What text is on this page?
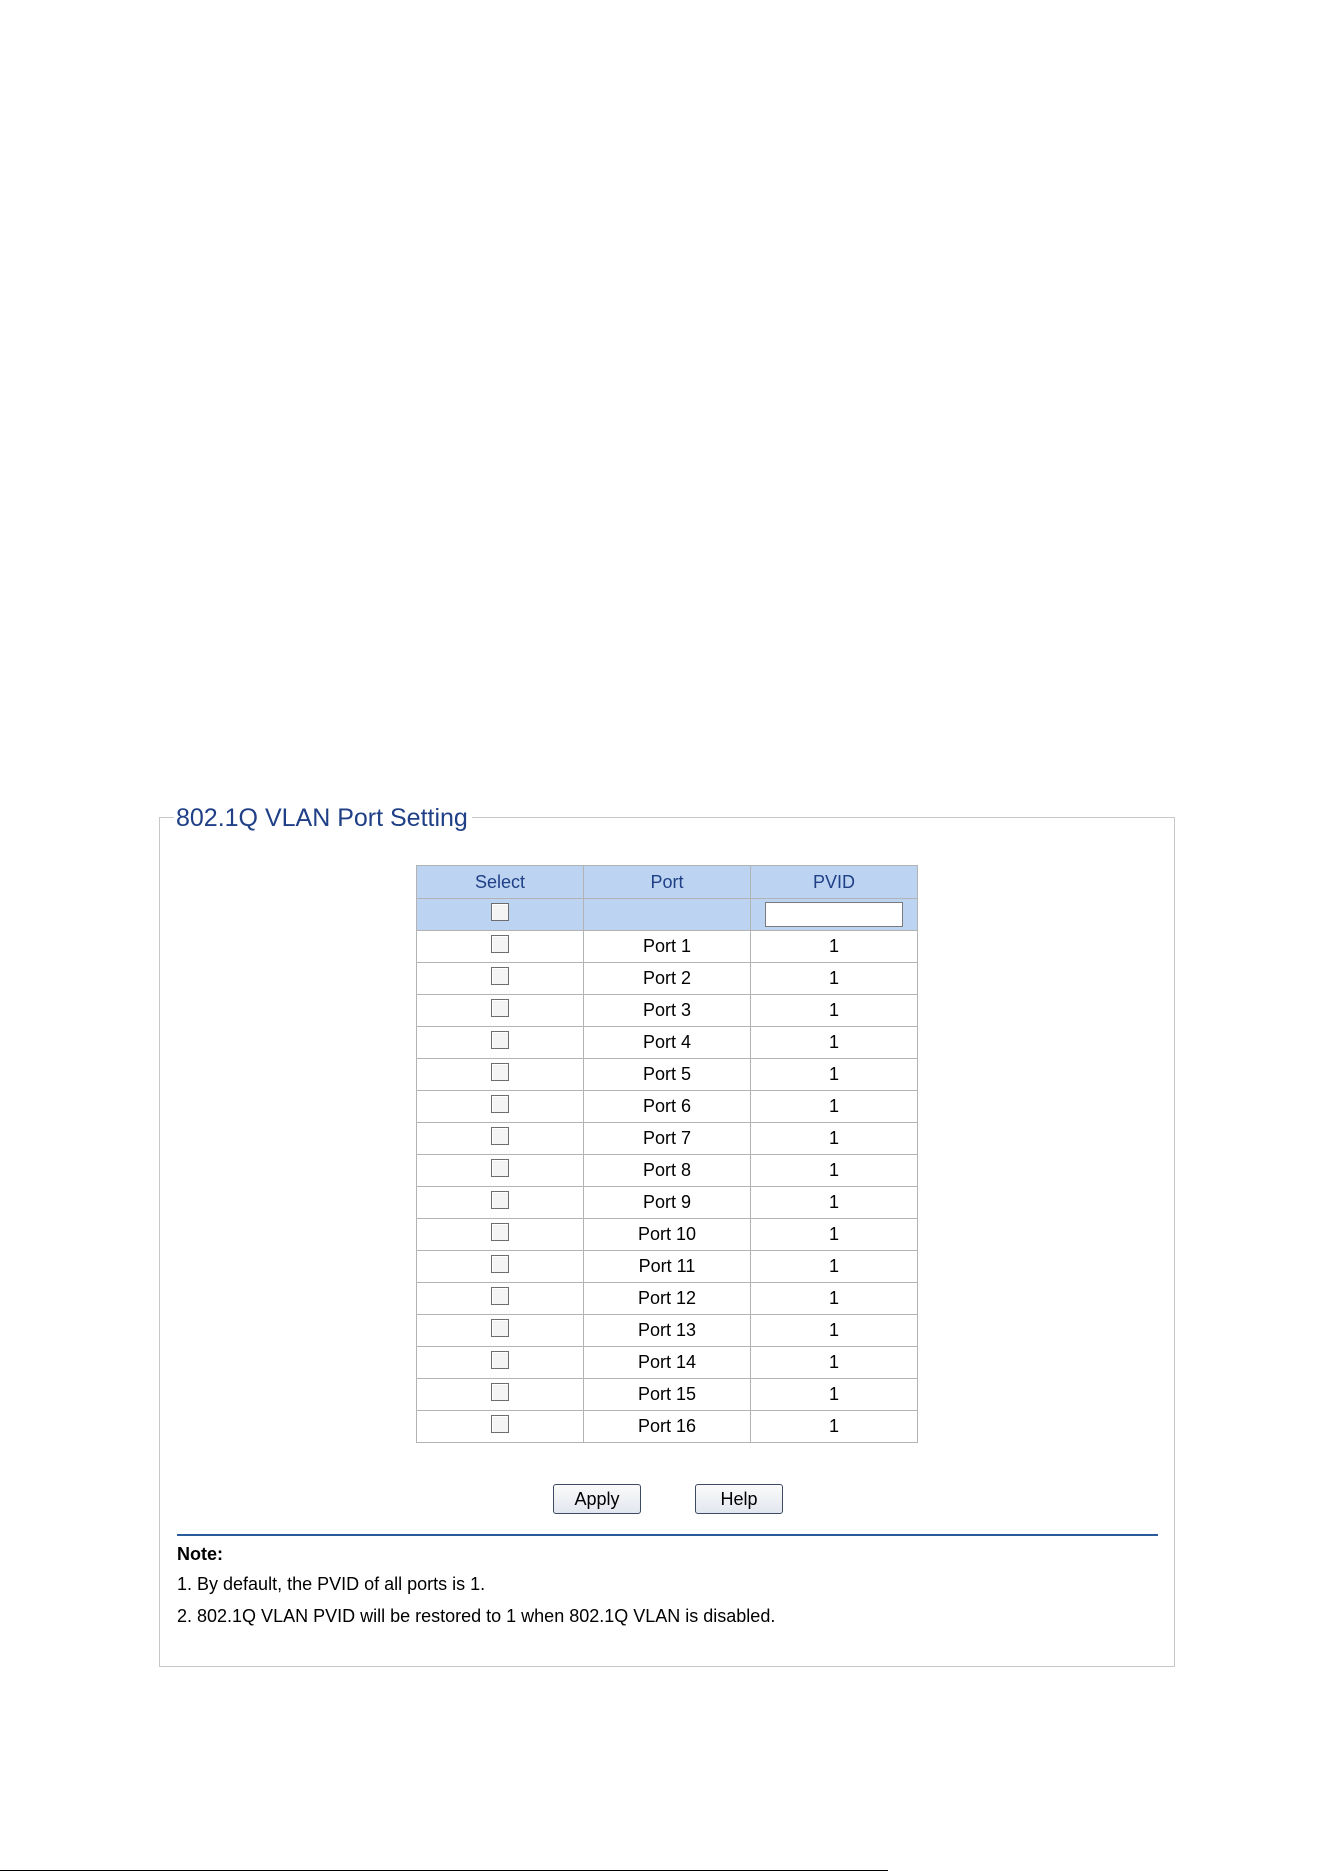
802.1Q VLAN Port Setting
Select	Port	PVID

	Port 1	1
	Port 2	1
	Port 3	1
	Port 4	1
	Port 5	1
	Port 6	1
	Port 7	1
	Port 8	1
	Port 9	1
	Port 10	1
	Port 11	1
	Port 12	1
	Port 13	1
	Port 14	1
	Port 15	1
	Port 16	1
Apply	Help
Note:
1. By default, the PVID of all ports is 1.
2. 802.1Q VLAN PVID will be restored to 1 when 802.1Q VLAN is disabled.
